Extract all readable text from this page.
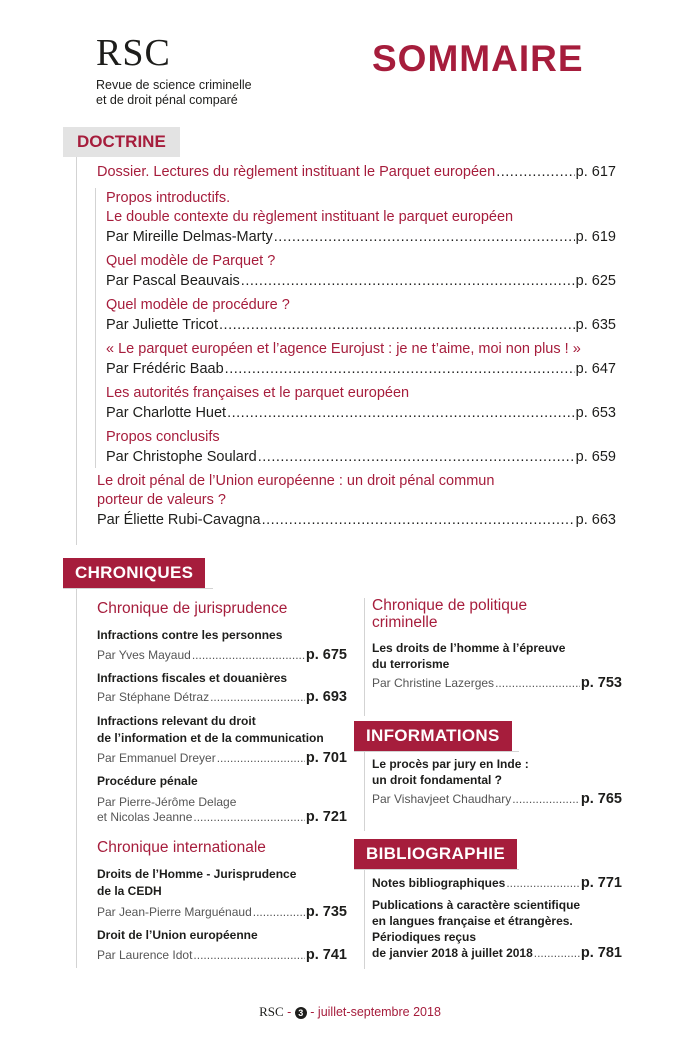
RSC
Revue de science criminelle
et de droit pénal comparé
SOMMAIRE
DOCTRINE
Dossier. Lectures du règlement instituant le Parquet européen .....	p. 617
Propos introductifs.
Le double contexte du règlement instituant le parquet européen
Par Mireille Delmas-Marty .....	p. 619
Quel modèle de Parquet ?
Par Pascal Beauvais .....	p. 625
Quel modèle de procédure ?
Par Juliette Tricot .....	p. 635
« Le parquet européen et l’agence Eurojust : je ne t’aime, moi non plus ! »
Par Frédéric Baab .....	p. 647
Les autorités françaises et le parquet européen
Par Charlotte Huet .....	p. 653
Propos conclusifs
Par Christophe Soulard .....	p. 659
Le droit pénal de l’Union européenne : un droit pénal commun
porteur de valeurs ?
Par Éliette Rubi-Cavagna .....	p. 663
CHRONIQUES
Chronique de jurisprudence
Infractions contre les personnes
Par Yves Mayaud .....	p. 675
Infractions fiscales et douanières
Par Stéphane Détraz .....	p. 693
Infractions relevant du droit
de l’information et de la communication
Par Emmanuel Dreyer .....	p. 701
Procédure pénale
Par Pierre-Jérôme Delage
et Nicolas Jeanne .....	p. 721
Chronique internationale
Droits de l’Homme - Jurisprudence
de la CEDH
Par Jean-Pierre Marguénaud .....	p. 735
Droit de l’Union européenne
Par Laurence Idot .....	p. 741
Chronique de politique
criminelle
Les droits de l’homme à l’épreuve
du terrorisme
Par Christine Lazerges .....	p. 753
INFORMATIONS
Le procès par jury en Inde :
un droit fondamental ?
Par Vishavjeet Chaudhary .....	p. 765
BIBLIOGRAPHIE
Notes bibliographiques .....	p. 771
Publications à caractère scientifique
en langues française et étrangères.
Périodiques reçus
de janvier 2018 à juillet 2018 .....	p. 781
RSC - 3 - juillet-septembre 2018
